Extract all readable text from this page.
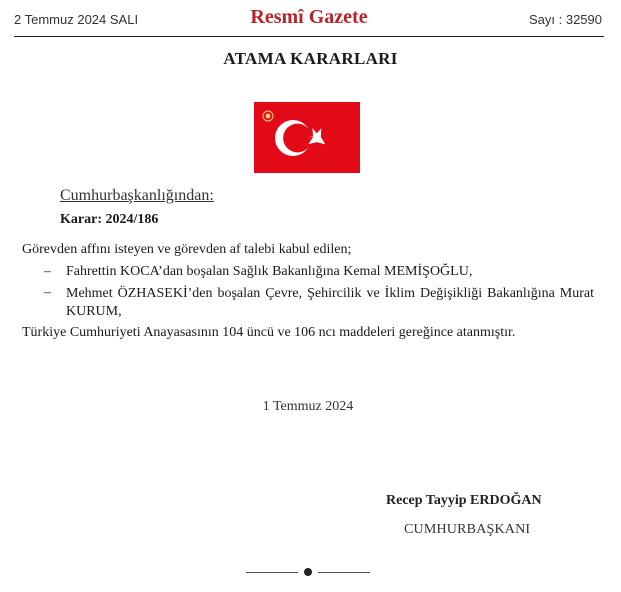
2 Temmuz 2024 SALI	Resmî Gazete	Sayı : 32590
ATAMA KARARLARI
Cumhurbaşkanlığından:
Karar: 2024/186
Görevden affını isteyen ve görevden af talebi kabul edilen;
– Fahrettin KOCA’dan boşalan Sağlık Bakanlığına Kemal MEMİŞOĞLU,
– Mehmet ÖZHASEKİ’den boşalan Çevre, Şehircilik ve İklim Değişikliği Bakanlığına Murat KURUM,
Türkiye Cumhuriyeti Anayasasının 104 üncü ve 106 ncı maddeleri gereğince atanmıştır.
1 Temmuz 2024
Recep Tayyip ERDOĞAN
CUMHURBAŞKANI
